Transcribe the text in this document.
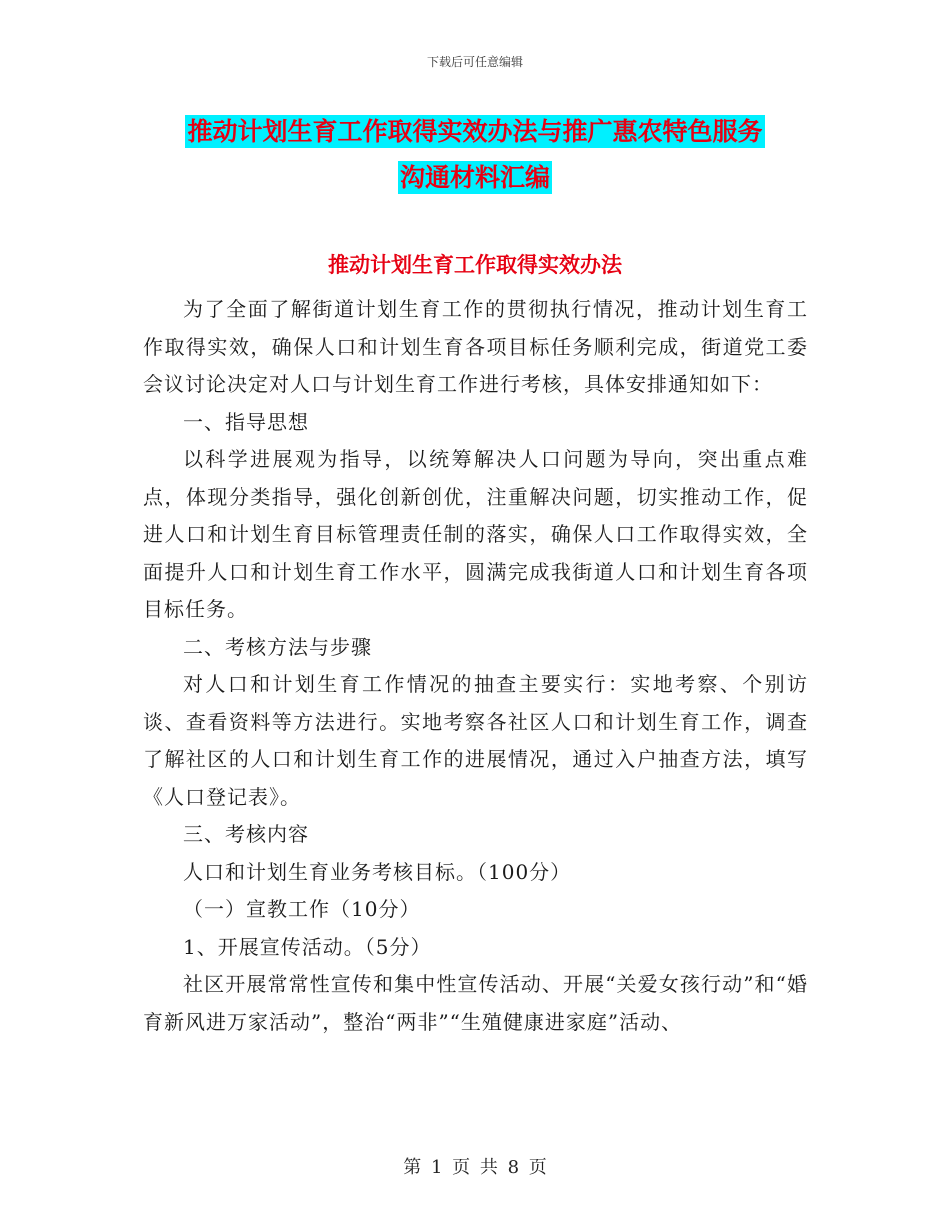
下载后可任意编辑
推动计划生育工作取得实效办法与推广惠农特色服务
沟通材料汇编
推动计划生育工作取得实效办法

为了全面了解街道计划生育工作的贯彻执行情况，推动计划生育工作取得实效，确保人口和计划生育各项目标任务顺利完成，街道党工委会议讨论决定对人口与计划生育工作进行考核，具体安排通知如下：

一、指导思想

以科学进展观为指导，以统筹解决人口问题为导向，突出重点难点，体现分类指导，强化创新创优，注重解决问题，切实推动工作，促进人口和计划生育目标管理责任制的落实，确保人口工作取得实效，全面提升人口和计划生育工作水平，圆满完成我街道人口和计划生育各项目标任务。

二、考核方法与步骤

对人口和计划生育工作情况的抽查主要实行：实地考察、个别访谈、查看资料等方法进行。实地考察各社区人口和计划生育工作，调查了解社区的人口和计划生育工作的进展情况，通过入户抽查方法，填写《人口登记表》。

三、考核内容

人口和计划生育业务考核目标。（100分）

（一）宣教工作（10分）

1、开展宣传活动。（5分）

社区开展常常性宣传和集中性宣传活动、开展“关爱女孩行动”和“婚育新风进万家活动”，整治“两非”“生殖健康进家庭”活动、

第 1 页 共 8 页
